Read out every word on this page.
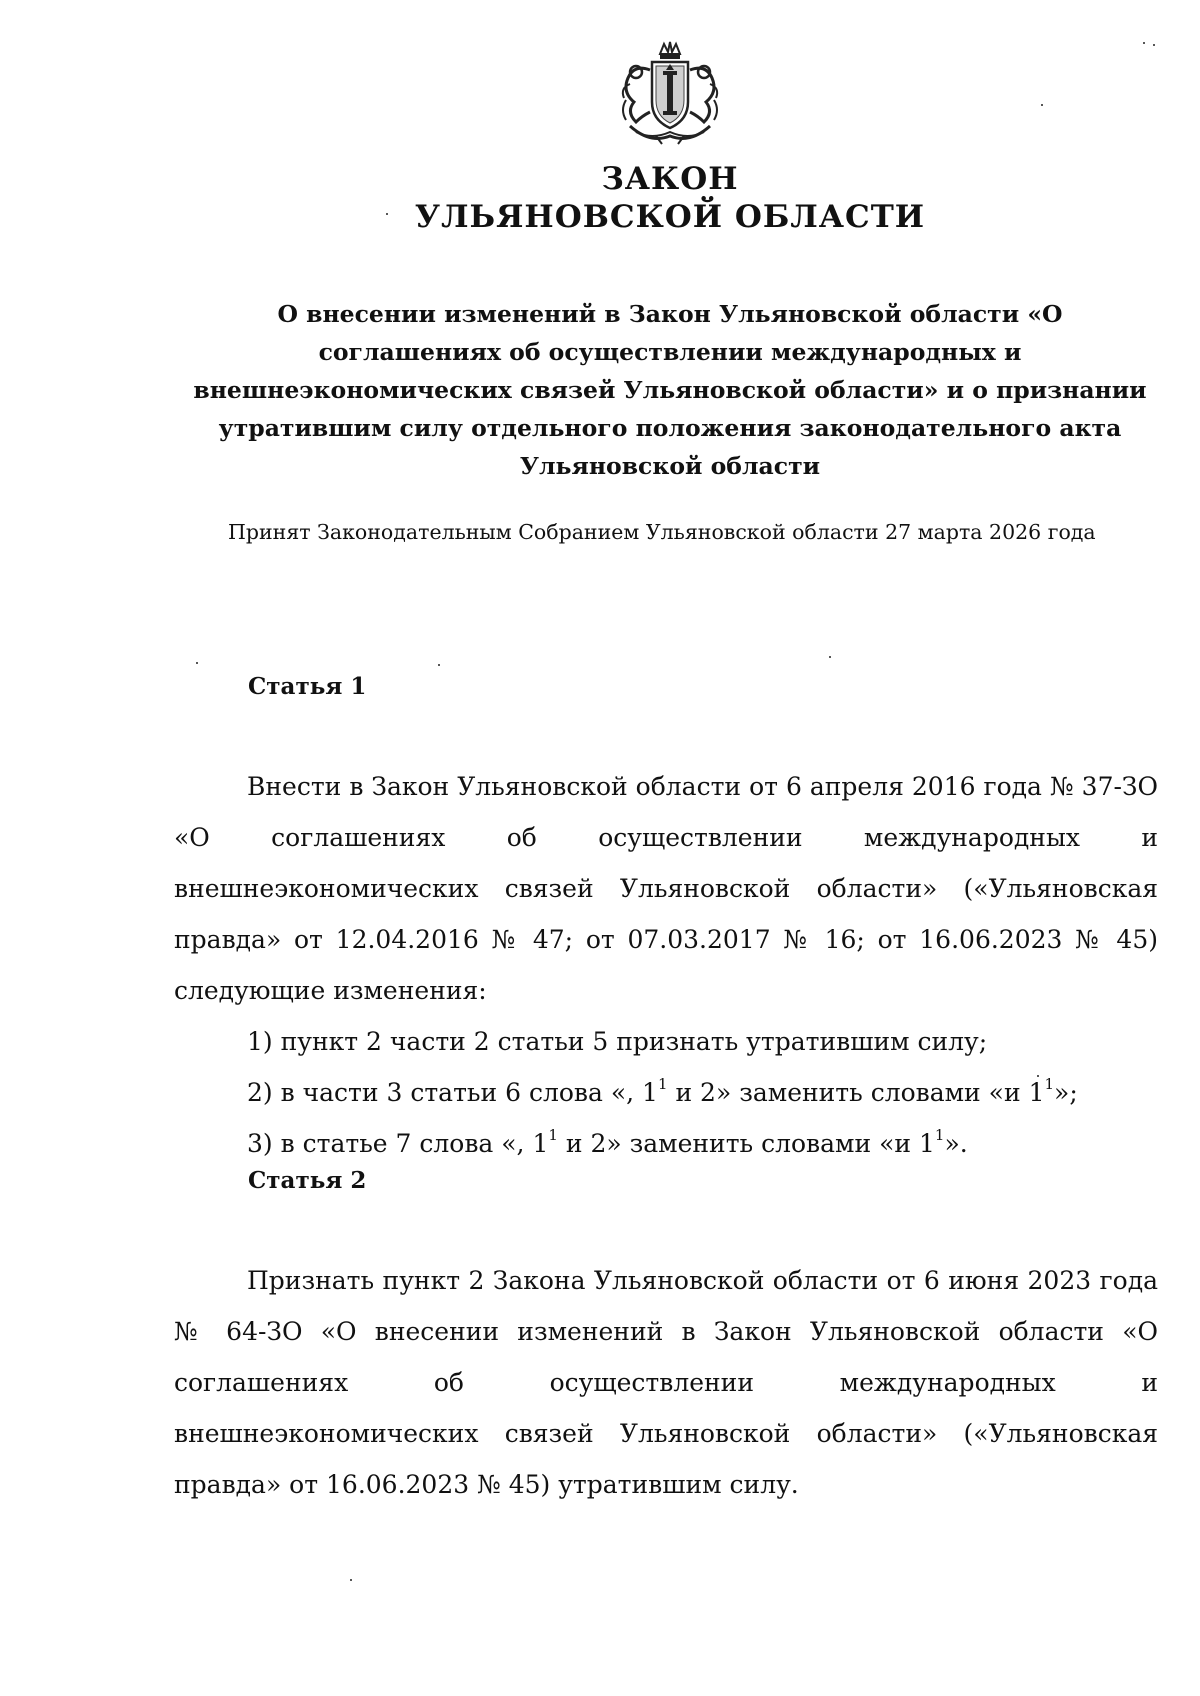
ЗАКОН
УЛЬЯНОВСКОЙ ОБЛАСТИ
О внесении изменений в Закон Ульяновской области «О соглашениях об осуществлении международных и внешнеэкономических связей Ульяновской области» и о признании утратившим силу отдельного положения законодательного акта Ульяновской области
Принят Законодательным Собранием Ульяновской области 27 марта 2026 года
Статья 1

Внести в Закон Ульяновской области от 6 апреля 2016 года № 37-ЗО «О соглашениях об осуществлении международных и внешнеэкономических связей Ульяновской области» («Ульяновская правда» от 12.04.2016 № 47; от 07.03.2017 № 16; от 16.06.2023 № 45) следующие изменения:

1) пункт 2 части 2 статьи 5 признать утратившим силу;
2) в части 3 статьи 6 слова «, $1^1$ и 2» заменить словами «и $1^1$»;
3) в статье 7 слова «, $1^1$ и 2» заменить словами «и $1^1$».
Статья 2

Признать пункт 2 Закона Ульяновской области от 6 июня 2023 года № 64-ЗО «О внесении изменений в Закон Ульяновской области «О соглашениях об осуществлении международных и внешнеэкономических связей Ульяновской области» («Ульяновская правда» от 16.06.2023 № 45) утратившим силу.
